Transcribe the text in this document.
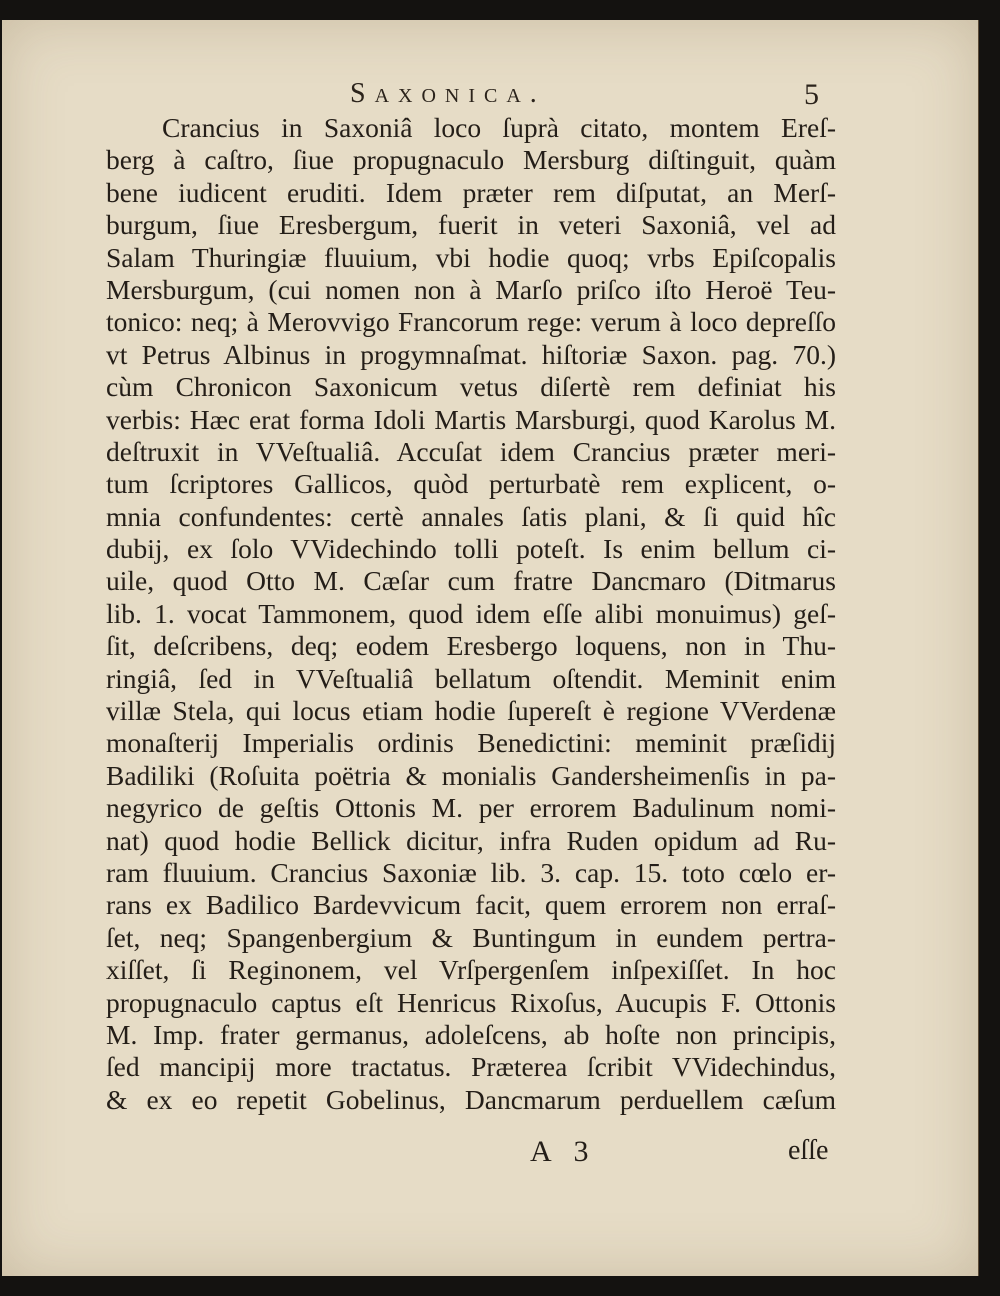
Saxonica.	5
Crancius in Saxoniâ loco ſuprà citato, montem Ereſ-
berg à caſtro, ſiue propugnaculo Mersburg diſtinguit, quàm
bene iudicent eruditi. Idem præter rem diſputat, an Merſ-
burgum, ſiue Eresbergum, fuerit in veteri Saxoniâ, vel ad
Salam Thuringiæ fluuium, vbi hodie quoq; vrbs Epiſcopalis
Mersburgum, (cui nomen non à Marſo priſco iſto Heroë Teu-
tonico: neq; à Merovvigo Francorum rege: verum à loco depreſſo
vt Petrus Albinus in progymnaſmat. hiſtoriæ Saxon. pag. 70.)
cùm Chronicon Saxonicum vetus diſertè rem definiat his
verbis: Hæc erat forma Idoli Martis Marsburgi, quod Karolus M.
deſtruxit in VVeſtualiâ. Accuſat idem Crancius præter meri-
tum ſcriptores Gallicos, quòd perturbatè rem explicent, o-
mnia confundentes: certè annales ſatis plani, & ſi quid hîc
dubij, ex ſolo VVidechindo tolli poteſt. Is enim bellum ci-
uile, quod Otto M. Cæſar cum fratre Dancmaro (Ditmarus
lib. 1. vocat Tammonem, quod idem eſſe alibi monuimus) geſ-
ſit, deſcribens, deq; eodem Eresbergo loquens, non in Thu-
ringiâ, ſed in VVeſtualiâ bellatum oſtendit. Meminit enim
villæ Stela, qui locus etiam hodie ſupereſt è regione VVerdenæ
monaſterij Imperialis ordinis Benedictini: meminit præſidij
Badiliki (Roſuita poëtria & monialis Gandersheimenſis in pa-
negyrico de geſtis Ottonis M. per errorem Badulinum nomi-
nat) quod hodie Bellick dicitur, infra Ruden opidum ad Ru-
ram fluuium. Crancius Saxoniæ lib. 3. cap. 15. toto cœlo er-
rans ex Badilico Bardevvicum facit, quem errorem non erraſ-
ſet, neq; Spangenbergium & Buntingum in eundem pertra-
xiſſet, ſi Reginonem, vel Vrſpergenſem inſpexiſſet. In hoc
propugnaculo captus eſt Henricus Rixoſus, Aucupis F. Ottonis
M. Imp. frater germanus, adoleſcens, ab hoſte non principis,
ſed mancipij more tractatus. Præterea ſcribit VVidechindus,
& ex eo repetit Gobelinus, Dancmarum perduellem cæſum
A 3	eſſe
